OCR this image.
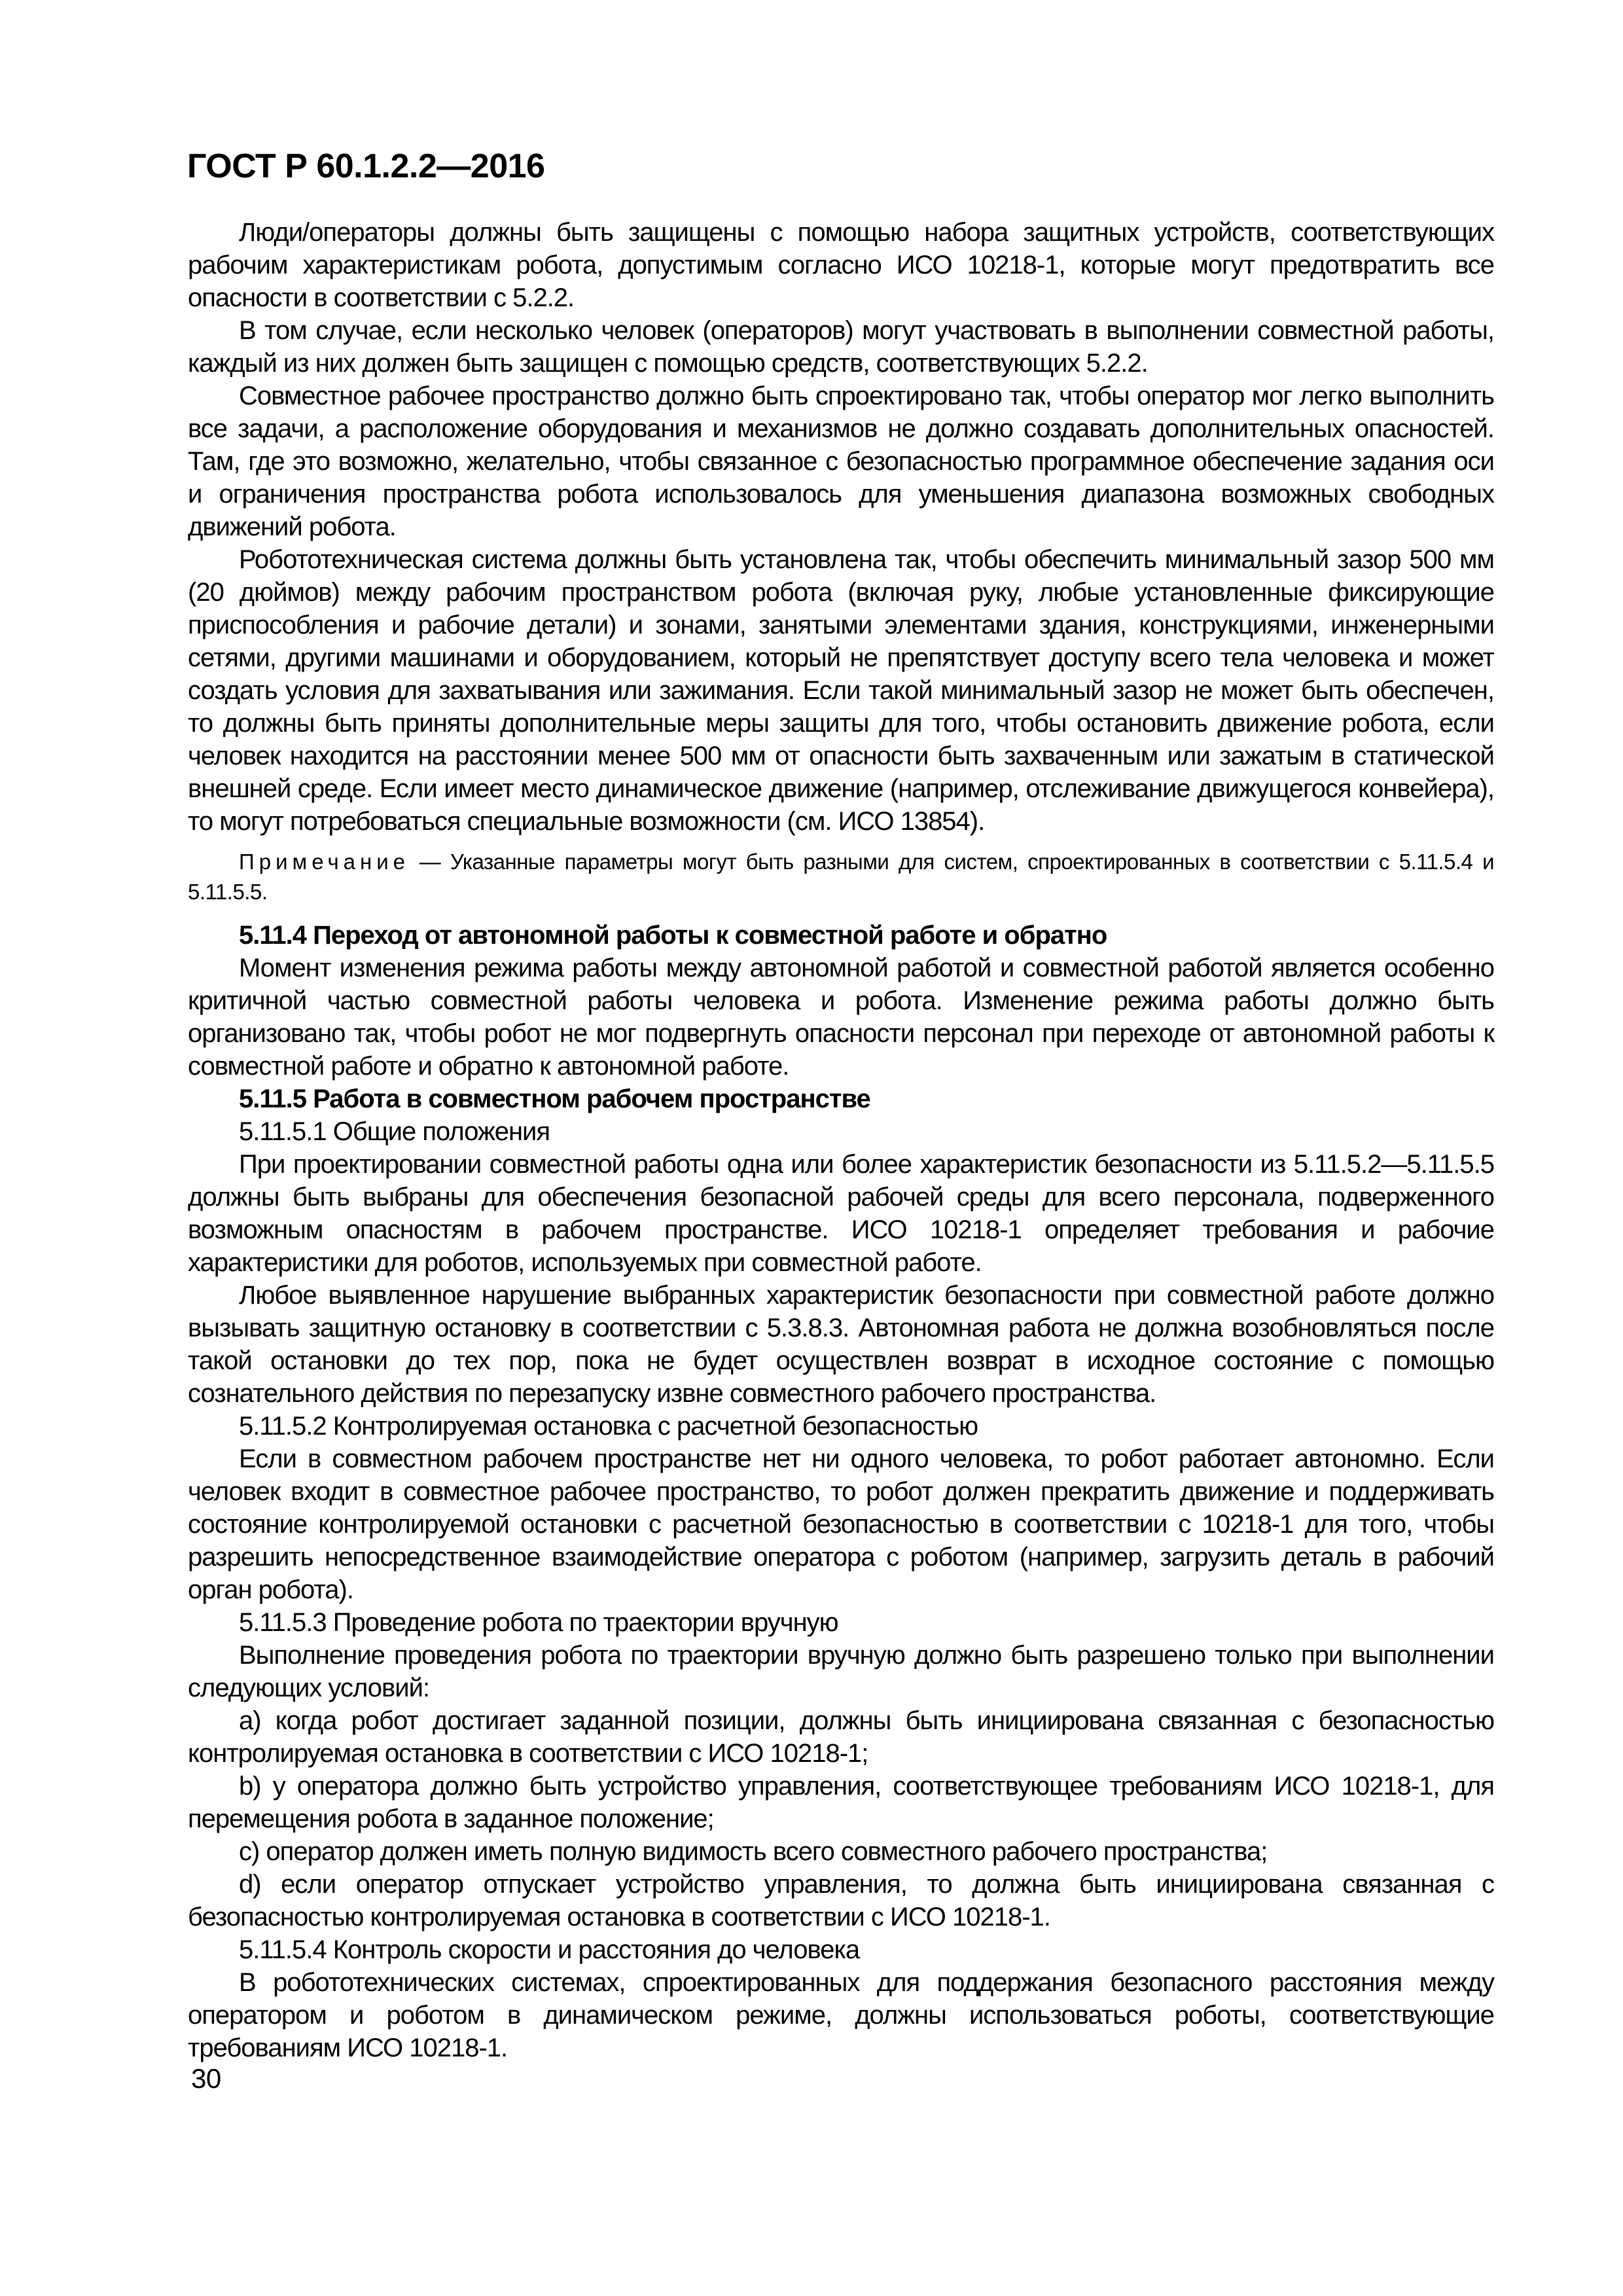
ГОСТ Р 60.1.2.2—2016

Люди/операторы должны быть защищены с помощью набора защитных устройств, соответствующих рабочим характеристикам робота, допустимым согласно ИСО 10218-1, которые могут предотвратить все опасности в соответствии с 5.2.2.

В том случае, если несколько человек (операторов) могут участвовать в выполнении совместной работы, каждый из них должен быть защищен с помощью средств, соответствующих 5.2.2.

Совместное рабочее пространство должно быть спроектировано так, чтобы оператор мог легко выполнить все задачи, а расположение оборудования и механизмов не должно создавать дополнительных опасностей. Там, где это возможно, желательно, чтобы связанное с безопасностью программное обеспечение задания оси и ограничения пространства робота использовалось для уменьшения диапазона возможных свободных движений робота.

Робототехническая система должны быть установлена так, чтобы обеспечить минимальный зазор 500 мм (20 дюймов) между рабочим пространством робота (включая руку, любые установленные фиксирующие приспособления и рабочие детали) и зонами, занятыми элементами здания, конструкциями, инженерными сетями, другими машинами и оборудованием, который не препятствует доступу всего тела человека и может создать условия для захватывания или зажимания. Если такой минимальный зазор не может быть обеспечен, то должны быть приняты дополнительные меры защиты для того, чтобы остановить движение робота, если человек находится на расстоянии менее 500 мм от опасности быть захваченным или зажатым в статической внешней среде. Если имеет место динамическое движение (например, отслеживание движущегося конвейера), то могут потребоваться специальные возможности (см. ИСО 13854).

Примечание — Указанные параметры могут быть разными для систем, спроектированных в соответствии с 5.11.5.4 и 5.11.5.5.

5.11.4 Переход от автономной работы к совместной работе и обратно

Момент изменения режима работы между автономной работой и совместной работой является особенно критичной частью совместной работы человека и робота. Изменение режима работы должно быть организовано так, чтобы робот не мог подвергнуть опасности персонал при переходе от автономной работы к совместной работе и обратно к автономной работе.

5.11.5 Работа в совместном рабочем пространстве

5.11.5.1 Общие положения

При проектировании совместной работы одна или более характеристик безопасности из 5.11.5.2—5.11.5.5 должны быть выбраны для обеспечения безопасной рабочей среды для всего персонала, подверженного возможным опасностям в рабочем пространстве. ИСО 10218-1 определяет требования и рабочие характеристики для роботов, используемых при совместной работе.

Любое выявленное нарушение выбранных характеристик безопасности при совместной работе должно вызывать защитную остановку в соответствии с 5.3.8.3. Автономная работа не должна возобновляться после такой остановки до тех пор, пока не будет осуществлен возврат в исходное состояние с помощью сознательного действия по перезапуску извне совместного рабочего пространства.

5.11.5.2 Контролируемая остановка с расчетной безопасностью

Если в совместном рабочем пространстве нет ни одного человека, то робот работает автономно. Если человек входит в совместное рабочее пространство, то робот должен прекратить движение и поддерживать состояние контролируемой остановки с расчетной безопасностью в соответствии с 10218-1 для того, чтобы разрешить непосредственное взаимодействие оператора с роботом (например, загрузить деталь в рабочий орган робота).

5.11.5.3 Проведение робота по траектории вручную

Выполнение проведения робота по траектории вручную должно быть разрешено только при выполнении следующих условий:

a) когда робот достигает заданной позиции, должны быть инициирована связанная с безопасностью контролируемая остановка в соответствии с ИСО 10218-1;

b) у оператора должно быть устройство управления, соответствующее требованиям ИСО 10218-1, для перемещения робота в заданное положение;

c) оператор должен иметь полную видимость всего совместного рабочего пространства;

d) если оператор отпускает устройство управления, то должна быть инициирована связанная с безопасностью контролируемая остановка в соответствии с ИСО 10218-1.

5.11.5.4 Контроль скорости и расстояния до человека

В робототехнических системах, спроектированных для поддержания безопасного расстояния между оператором и роботом в динамическом режиме, должны использоваться роботы, соответствующие требованиям ИСО 10218-1.

30
